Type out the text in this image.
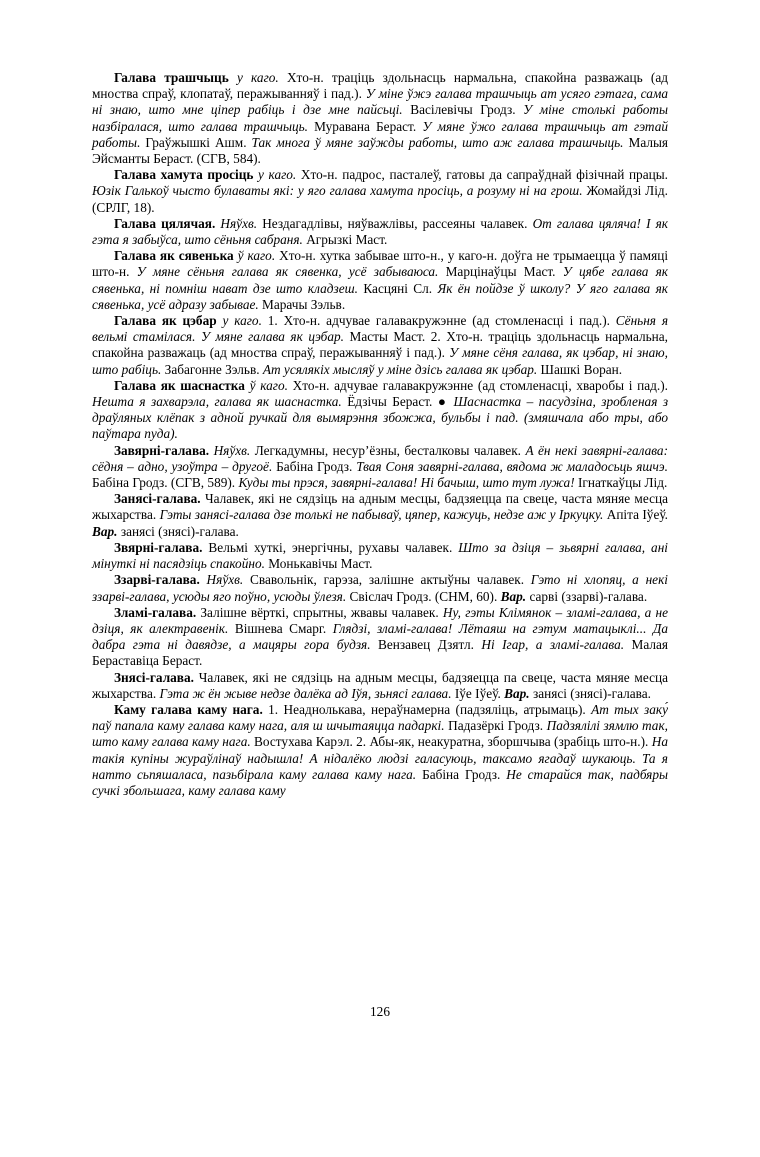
Галава трашчыць у каго. Хто-н. траціць здольнасць нармальна, спакойна разважаць (ад мноства спраў, клопатаў, перажыванняў і пад.). У міне ўжэ галава трашчыць ат усяго гэтага, сама ні знаю, што мне ціпер рабіць і дзе мне пайсьці. Васілевічы Гродз. У міне столькі работы назбіралася, што галава трашчыць. Муравана Бераст. У мяне ўжо галава трашчыць ат гэтай работы. Граўжышкі Ашм. Так многа ў мяне заўжды работы, што аж галава трашчыць. Малыя Эйсманты Бераст. (СГВ, 584).

Галава хамута просіць у каго. Хто-н. падрос, пасталеў, гатовы да сапраўднай фізічнай працы. Юзік Галькоў чысто булаваты які: у яго галава хамута просіць, а розуму ні на грош. Жомайдзі Лід. (СРЛГ, 18).

Галава цялячая. Няўхв. Нездагадлівы, няўважлівы, рассеяны чалавек. От галава цяляча! І як гэта я забыўса, што сёньня сабраня. Агрызкі Маст.

Галава як сявенька ў каго. Хто-н. хутка забывае што-н., у каго-н. доўга не трымаецца ў памяці што-н. У мяне сёньня галава як сявенка, усё забываюса. Марцінаўцы Маст. У цябе галава як сявенька, ні помніш нават дзе што кладзеш. Касцяні Сл. Як ён пойдзе ў школу? У яго галава як сявенька, усё адразу забывае. Марачы Зэльв.

Галава як цэбар у каго. 1. Хто-н. адчувае галавакружэнне (ад стомленасці і пад.). Сёньня я вельмі стамілася. У мяне галава як цэбар. Масты Маст. 2. Хто-н. траціць здольнасць нармальна, спакойна разважаць (ад мноства спраў, перажыванняў і пад.). У мяне сёня галава, як цэбар, ні знаю, што рабіць. Забагонне Зэльв. Ат усялякіх мысляў у міне дзісь галава як цэбар. Шашкі Воран.

Галава як шаснастка ў каго. Хто-н. адчувае галавакружэнне (ад стомленасці, хваробы і пад.). Нешта я захварэла, галава як шаснастка. Ёдзічы Бераст. ● Шаснастка – пасудзіна, зробленая з драўляных клёпак з адной ручкай для вымярэння збожжа, бульбы і пад. (змяшчала або тры, або паўтара пуда).

Завярні-галава. Няўхв. Легкадумны, несур’ёзны, бесталковы чалавек. А ён некі завярні-галава: сёдня – адно, узоўтра – другоё. Бабіна Гродз. Твая Соня завярні-галава, вядома ж маладосьць яшчэ. Бабіна Гродз. (СГВ, 589). Куды ты прэся, завярні-галава! Ні бачыш, што тут лужа! Ігнаткаўцы Лід.

Занясі-галава. Чалавек, які не сядзіць на адным месцы, бадзяецца па свеце, часта мяняе месца жыхарства. Гэты занясі-галава дзе толькі не пабываў, цяпер, кажуць, недзе аж у Іркуцку. Апіта Іўеў. Вар. занясі (знясі)-галава.

Звярні-галава. Вельмі хуткі, энергічны, рухавы чалавек. Што за дзіця – зьвярні галава, ані мінуткі ні пасядзіць спакойно. Монькавічы Маст.

Ззарві-галава. Няўхв. Свавольнік, гарэза, залішне актыўны чалавек. Гэто ні хлопяц, а некі ззарві-галава, усюды яго поўно, усюды ўлезя. Свіслач Гродз. (СНМ, 60). Вар. сарві (ззарві)-галава.

Зламі-галава. Залішне вёрткі, спрытны, жвавы чалавек. Ну, гэты Клімянок – зламі-галава, а не дзіця, як алектравенік. Вішнева Смарг. Глядзі, зламі-галава! Лётаяш на гэтум матацыклі... Да дабра гэта ні давядзе, а мацяры гора будзя. Вензавец Дзятл. Ні Ігар, а зламі-галава. Малая Бераставіца Бераст.

Знясі-галава. Чалавек, які не сядзіць на адным месцы, бадзяецца па свеце, часта мяняе месца жыхарства. Гэта ж ён жыве недзе далёка ад Іўя, зьнясі галава. Іўе Іўеў. Вар. занясі (знясі)-галава.

Каму галава каму нага. 1. Неаднолькава, нераўнамерна (падзяліць, атрымаць). Ат тых заку́ паў папала каму галава каму нага, аля ш шчытаяцца падаркі. Падазёркі Гродз. Падзялілі зямлю так, што каму галава каму нага. Востухава Карэл. 2. Абы-як, неакуратна, зборшчыва (зрабіць што-н.). На такія купіны жураўлінаў надышла! А нідалёко людзі галасуюць, таксамо ягадаў шукаюць. Та я натто сьпяшаласа, пазьбірала каму галава каму нага. Бабіна Гродз. Не старайся так, падбяры сучкі збольшага, каму галава каму

126
